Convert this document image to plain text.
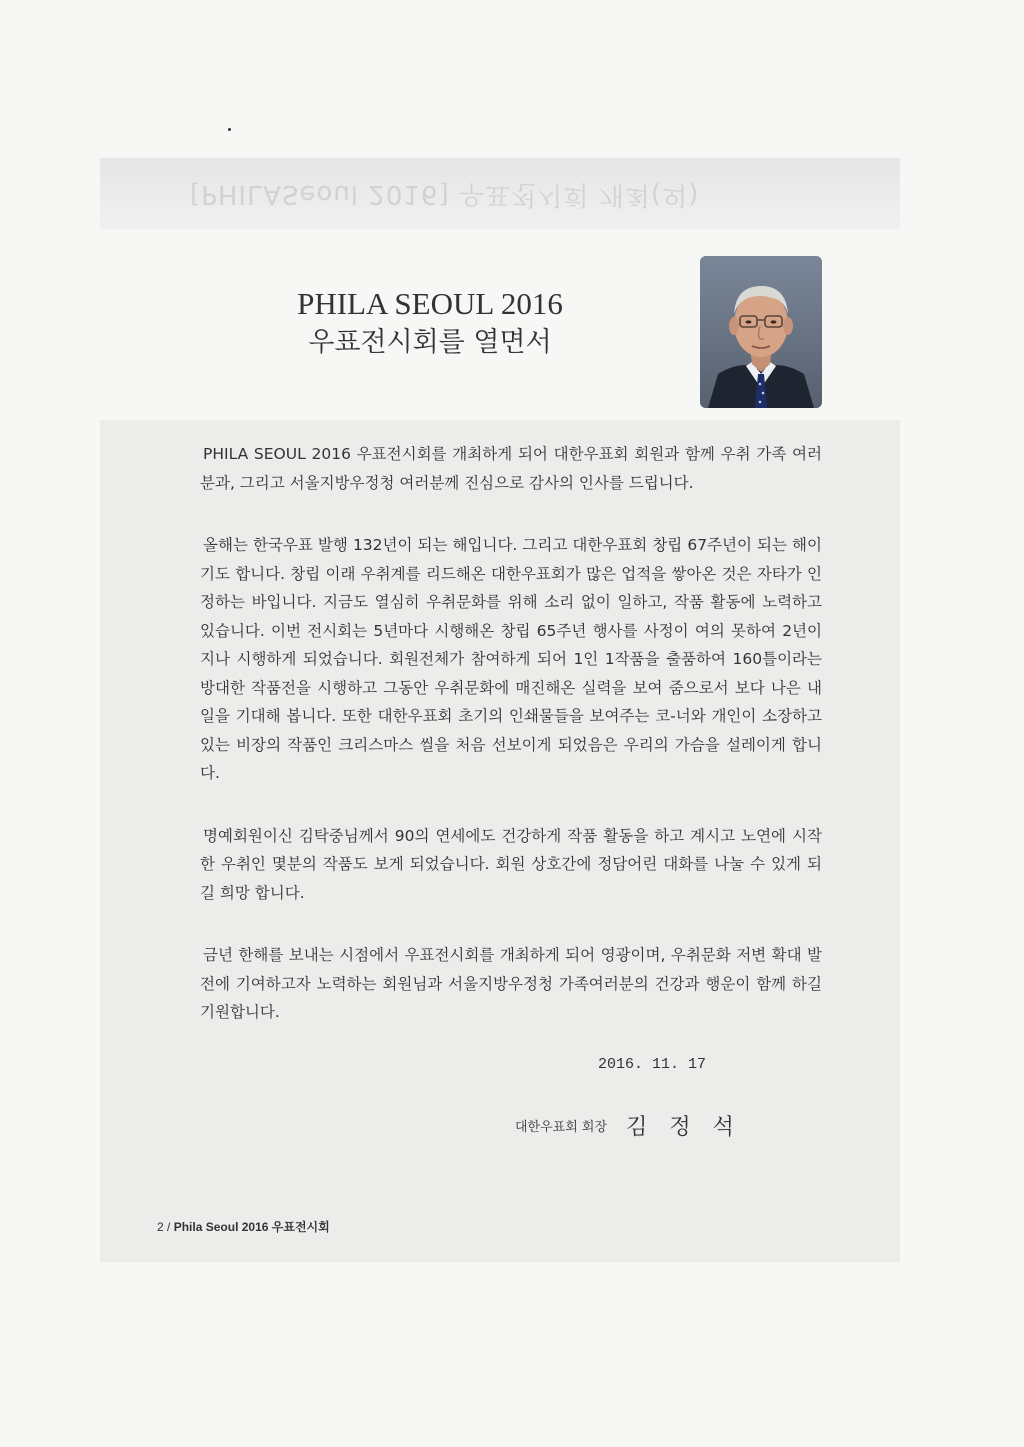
[PHILASeoul 2016] 우표전시회 개최(외)
PHILA SEOUL 2016
우표전시회를 열면서

PHILA SEOUL 2016 우표전시회를 개최하게 되어 대한우표회 회원과 함께 우취 가족 여러분과, 그리고 서울지방우정청 여러분께 진심으로 감사의 인사를 드립니다.

올해는 한국우표 발행 132년이 되는 해입니다. 그리고 대한우표회 창립 67주년이 되는 해이기도 합니다. 창립 이래 우취계를 리드해온 대한우표회가 많은 업적을 쌓아온 것은 자타가 인정하는 바입니다. 지금도 열심히 우취문화를 위해 소리 없이 일하고, 작품 활동에 노력하고 있습니다. 이번 전시회는 5년마다 시행해온 창립 65주년 행사를 사정이 여의 못하여 2년이 지나 시행하게 되었습니다. 회원전체가 참여하게 되어 1인 1작품을 출품하여 160틀이라는 방대한 작품전을 시행하고 그동안 우취문화에 매진해온 실력을 보여 줌으로서 보다 나은 내일을 기대해 봅니다. 또한 대한우표회 초기의 인쇄물들을 보여주는 코-너와 개인이 소장하고 있는 비장의 작품인 크리스마스 씰을 처음 선보이게 되었음은 우리의 가슴을 설레이게 합니다.

명예회원이신 김탁중님께서 90의 연세에도 건강하게 작품 활동을 하고 계시고 노연에 시작한 우취인 몇분의 작품도 보게 되었습니다. 회원 상호간에 정담어린 대화를 나눌 수 있게 되길 희망 합니다.

금년 한해를 보내는 시점에서 우표전시회를 개최하게 되어 영광이며, 우취문화 저변 확대 발전에 기여하고자 노력하는 회원님과 서울지방우정청 가족여러분의 건강과 행운이 함께 하길 기원합니다.

2016. 11. 17
대한우표회 회장 김정석
2 / Phila Seoul 2016 우표전시회
